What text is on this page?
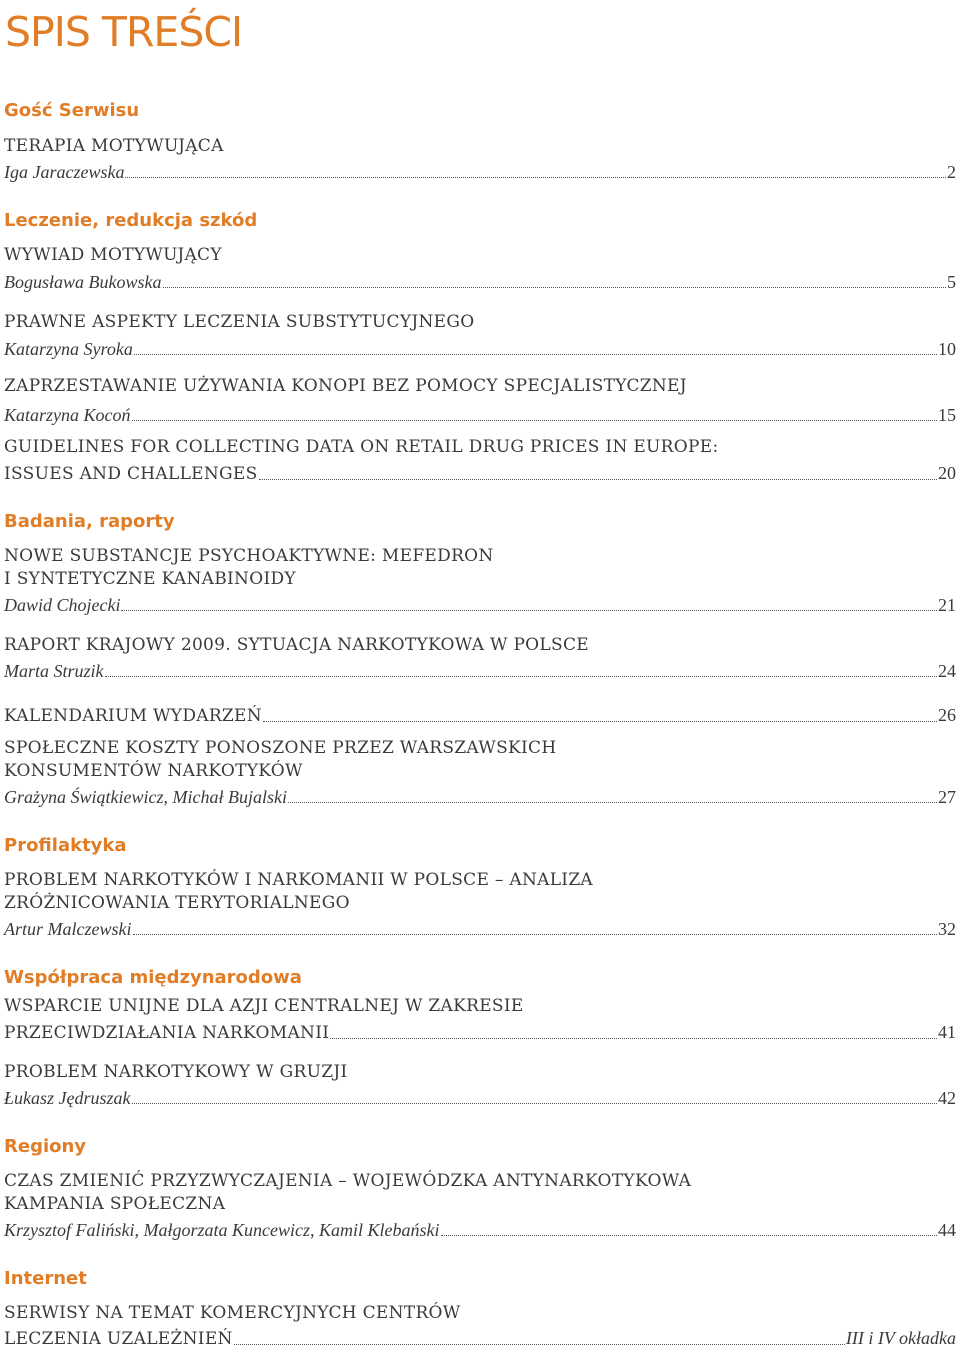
SPIS TREŚCI
Gość Serwisu
TERAPIA MOTYWUJĄCA
Iga Jaraczewska	2
Leczenie, redukcja szkód
WYWIAD MOTYWUJĄCY
Bogusława Bukowska	5
PRAWNE ASPEKTY LECZENIA SUBSTYTUCYJNEGO
Katarzyna Syroka	10
ZAPRZESTAWANIE UŻYWANIA KONOPI BEZ POMOCY SPECJALISTYCZNEJ
Katarzyna Kocoń	15
GUIDELINES FOR COLLECTING DATA ON RETAIL DRUG PRICES IN EUROPE:
ISSUES AND CHALLENGES	20
Badania, raporty
NOWE SUBSTANCJE PSYCHOAKTYWNE: MEFEDRON
I SYNTETYCZNE KANABINOIDY
Dawid Chojecki	21
RAPORT KRAJOWY 2009. SYTUACJA NARKOTYKOWA W POLSCE
Marta Struzik	24
KALENDARIUM WYDARZEŃ	26
SPOŁECZNE KOSZTY PONOSZONE PRZEZ WARSZAWSKICH
KONSUMENTÓW NARKOTYKÓW
Grażyna Świątkiewicz, Michał Bujalski	27
Profilaktyka
PROBLEM NARKOTYKÓW I NARKOMANII W POLSCE – ANALIZA
ZRÓŻNICOWANIA TERYTORIALNEGO
Artur Malczewski	32
Współpraca międzynarodowa
WSPARCIE UNIJNE DLA AZJI CENTRALNEJ W ZAKRESIE
PRZECIWDZIAŁANIA NARKOMANII	41
PROBLEM NARKOTYKOWY W GRUZJI
Łukasz Jędruszak	42
Regiony
CZAS ZMIENIĆ PRZYZWYCZAJENIA – WOJEWÓDZKA ANTYNARKOTYKOWA
KAMPANIA SPOŁECZNA
Krzysztof Faliński, Małgorzata Kuncewicz, Kamil Klebański	44
Internet
SERWISY NA TEMAT KOMERCYJNYCH CENTRÓW
LECZENIA UZALEŻNIEŃ	III i IV okładka
